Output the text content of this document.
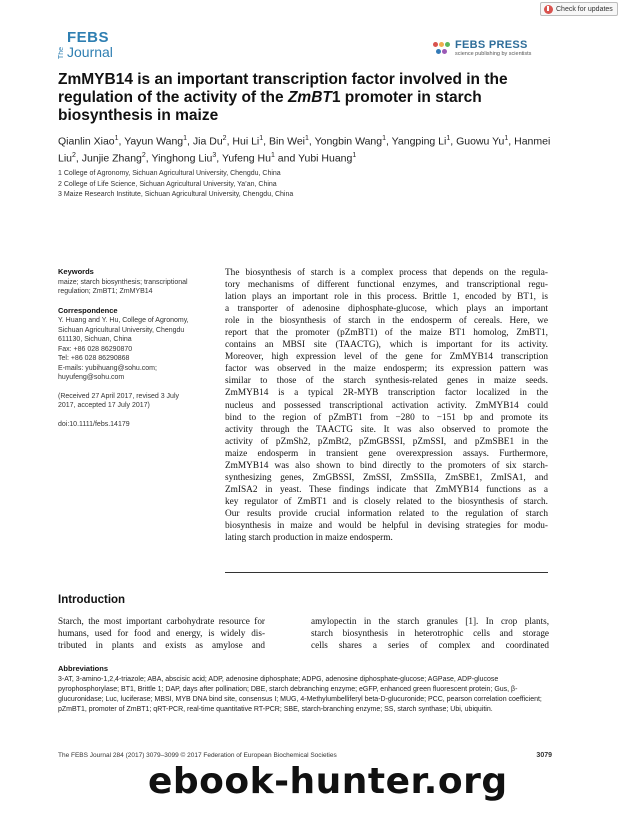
Check for updates
The
FEBS
Journal	FEBS PRESS
science publishing by scientists
ZmMYB14 is an important transcription factor involved in the regulation of the activity of the ZmBT1 promoter in starch biosynthesis in maize
Qianlin Xiao$^1$, Yayun Wang$^1$, Jia Du$^2$, Hui Li$^1$, Bin Wei$^1$, Yongbin Wang$^1$, Yangping Li$^1$, Guowu Yu$^1$, Hanmei Liu$^2$, Junjie Zhang$^2$, Yinghong Liu$^3$, Yufeng Hu$^1$ and Yubi Huang$^1$
1 College of Agronomy, Sichuan Agricultural University, Chengdu, China
2 College of Life Science, Sichuan Agricultural University, Ya’an, China
3 Maize Research Institute, Sichuan Agricultural University, Chengdu, China
Keywords

maize; starch biosynthesis; transcriptional regulation; ZmBT1; ZmMYB14

Correspondence

Y. Huang and Y. Hu, College of Agronomy,
Sichuan Agricultural University, Chengdu
611130, Sichuan, China
Fax: +86 028 86290870
Tel: +86 028 86290868
E-mails: yubihuang@sohu.com;
huyufeng@sohu.com

(Received 27 April 2017, revised 3 July
2017, accepted 17 July 2017)

doi:10.1111/febs.14179

The biosynthesis of starch is a complex process that depends on the regula-
tory mechanisms of different functional enzymes, and transcriptional regu-
lation plays an important role in this process. Brittle 1, encoded by BT1, is
a transporter of adenosine diphosphate-glucose, which plays an important
role in the biosynthesis of starch in the endosperm of cereals. Here, we
report that the promoter (pZmBT1) of the maize BT1 homolog, ZmBT1,
contains an MBSI site (TAACTG), which is important for its activity.
Moreover, high expression level of the gene for ZmMYB14 transcription
factor was observed in the maize endosperm; its expression pattern was
similar to those of the starch synthesis-related genes in maize seeds.
ZmMYB14 is a typical 2R-MYB transcription factor localized in the
nucleus and possessed transcriptional activation activity. ZmMYB14 could
bind to the region of pZmBT1 from −280 to −151 bp and promote its
activity through the TAACTG site. It was also observed to promote the
activity of pZmSh2, pZmBt2, pZmGBSSI, pZmSSI, and pZmSBE1 in the
maize endosperm in transient gene overexpression assays. Furthermore,
ZmMYB14 was also shown to bind directly to the promoters of six starch-
synthesizing genes, ZmGBSSI, ZmSSI, ZmSSIIa, ZmSBE1, ZmISA1, and
ZmISA2 in yeast. These findings indicate that ZmMYB14 functions as a
key regulator of ZmBT1 and is closely related to the biosynthesis of starch.
Our results provide crucial information related to the regulation of starch
biosynthesis in maize and would be helpful in devising strategies for modu-
lating starch production in maize endosperm.
Introduction
Starch, the most important carbohydrate resource for
humans, used for food and energy, is widely dis-
tributed in plants and exists as amylose and
amylopectin in the starch granules [1]. In crop plants,
starch biosynthesis in heterotrophic cells and storage
cells shares a series of complex and coordinated
Abbreviations

3-AT, 3-amino-1,2,4-triazole; ABA, abscisic acid; ADP, adenosine diphosphate; ADPG, adenosine diphosphate-glucose; AGPase, ADP-glucose pyrophosphorylase; BT1, Brittle 1; DAP, days after pollination; DBE, starch debranching enzyme; eGFP, enhanced green fluorescent protein; Gus, β-glucuronidase; Luc, luciferase; MBSI, MYB DNA bind site, consensus I; MUG, 4-Methylumbelliferyl beta-D-glucuronide; PCC, pearson correlation coefficient; pZmBT1, promoter of ZmBT1; qRT-PCR, real-time quantitative RT-PCR; SBE, starch-branching enzyme; SS, starch synthase; Ubi, ubiquitin.

The FEBS Journal 284 (2017) 3079–3099 © 2017 Federation of European Biochemical Societies	3079
ebook-hunter.org
